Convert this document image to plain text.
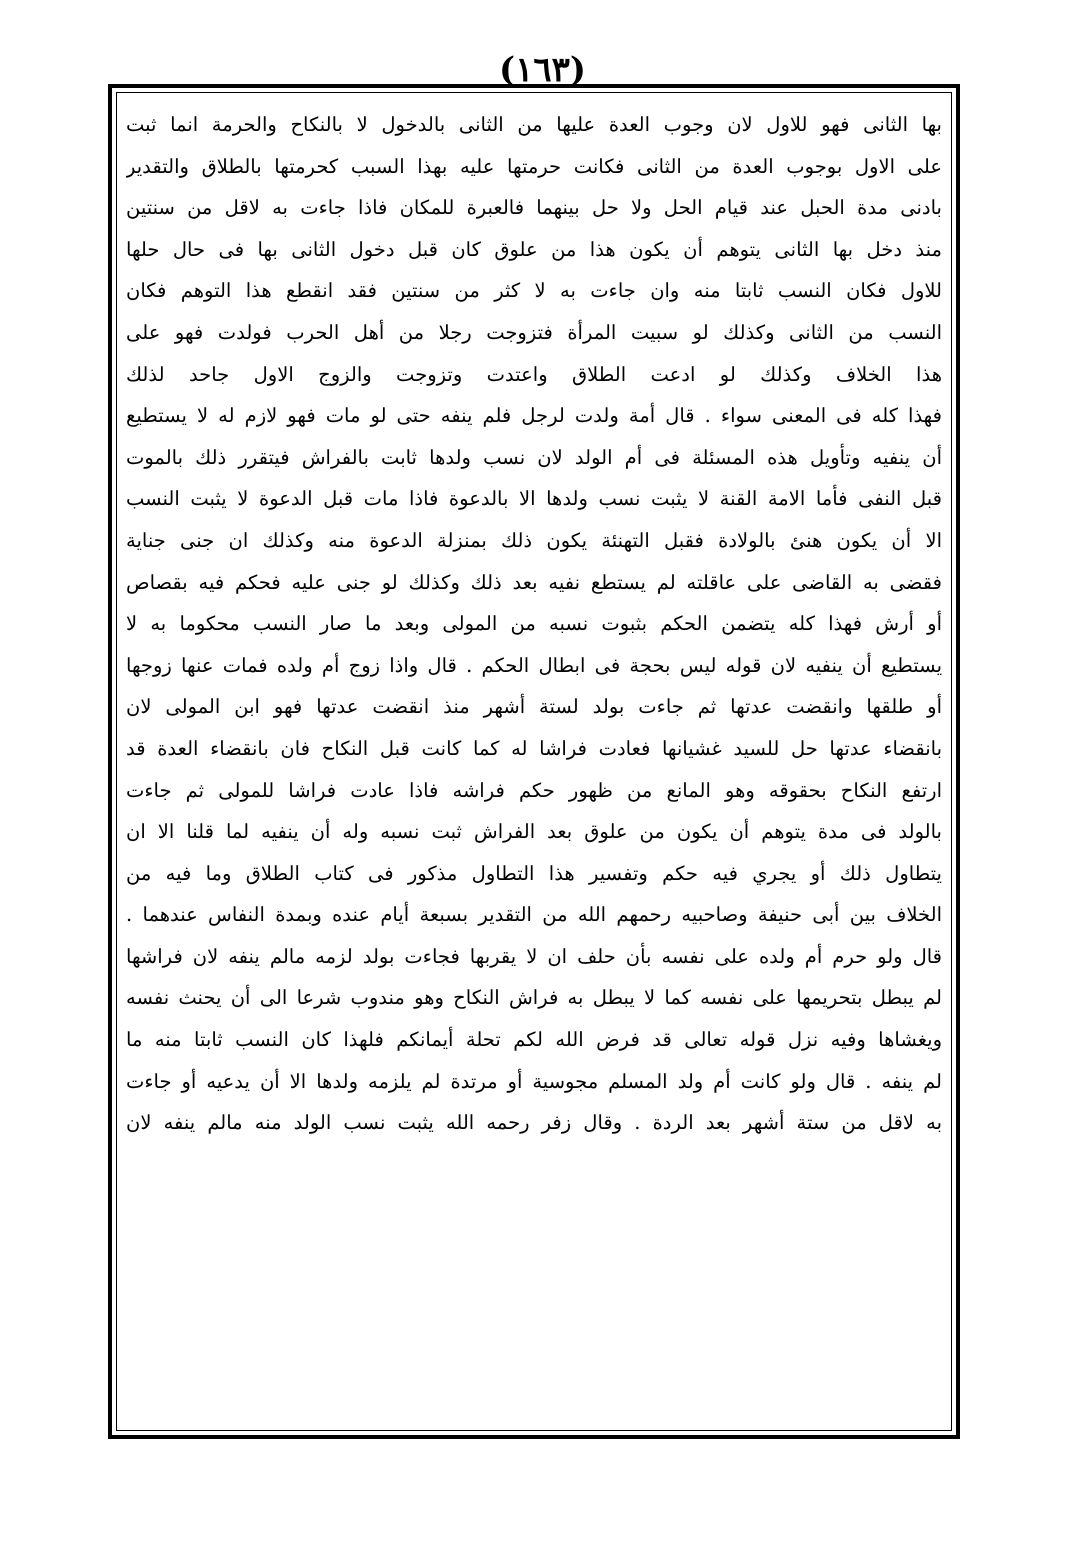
(١٦٣)
بها الثانى فهو للاول لان وجوب العدة عليها من الثانى بالدخول لا بالنكاح والحرمة انما ثبت
على الاول بوجوب العدة من الثانى فكانت حرمتها عليه بهذا السبب كحرمتها بالطلاق والتقدير
بادنى مدة الحبل عند قيام الحل ولا حل بينهما فالعبرة للمكان فاذا جاءت به لاقل من سنتين
منذ دخل بها الثانى يتوهم أن يكون هذا من علوق كان قبل دخول الثانى بها فى حال حلها
للاول فكان النسب ثابتا منه وان جاءت به لا كثر من سنتين فقد انقطع هذا التوهم فكان
النسب من الثانى وكذلك لو سبيت المرأة فتزوجت رجلا من أهل الحرب فولدت فهو على
هذا الخلاف وكذلك لو ادعت الطلاق واعتدت وتزوجت والزوج الاول جاحد لذلك
فهذا كله فى المعنى سواء . قال أمة ولدت لرجل فلم ينفه حتى لو مات فهو لازم له لا يستطيع
أن ينفيه وتأويل هذه المسئلة فى أم الولد لان نسب ولدها ثابت بالفراش فيتقرر ذلك بالموت
قبل النفى فأما الامة القنة لا يثبت نسب ولدها الا بالدعوة فاذا مات قبل الدعوة لا يثبت النسب
الا أن يكون هنئ بالولادة فقبل التهنئة يكون ذلك بمنزلة الدعوة منه وكذلك ان جنى جناية
فقضى به القاضى على عاقلته لم يستطع نفيه بعد ذلك وكذلك لو جنى عليه فحكم فيه بقصاص
أو أرش فهذا كله يتضمن الحكم بثبوت نسبه من المولى وبعد ما صار النسب محكوما به لا
يستطيع أن ينفيه لان قوله ليس بحجة فى ابطال الحكم . قال واذا زوج أم ولده فمات عنها زوجها
أو طلقها وانقضت عدتها ثم جاءت بولد لستة أشهر منذ انقضت عدتها فهو ابن المولى لان
بانقضاء عدتها حل للسيد غشيانها فعادت فراشا له كما كانت قبل النكاح فان بانقضاء العدة قد
ارتفع النكاح بحقوقه وهو المانع من ظهور حكم فراشه فاذا عادت فراشا للمولى ثم جاءت
بالولد فى مدة يتوهم أن يكون من علوق بعد الفراش ثبت نسبه وله أن ينفيه لما قلنا الا ان
يتطاول ذلك أو يجري فيه حكم وتفسير هذا التطاول مذكور فى كتاب الطلاق وما فيه من
الخلاف بين أبى حنيفة وصاحبيه رحمهم الله من التقدير بسبعة أيام عنده وبمدة النفاس عندهما .
قال ولو حرم أم ولده على نفسه بأن حلف ان لا يقربها فجاءت بولد لزمه مالم ينفه لان فراشها
لم يبطل بتحريمها على نفسه كما لا يبطل به فراش النكاح وهو مندوب شرعا الى أن يحنث نفسه
ويغشاها وفيه نزل قوله تعالى قد فرض الله لكم تحلة أيمانكم فلهذا كان النسب ثابتا منه ما
لم ينفه . قال ولو كانت أم ولد المسلم مجوسية أو مرتدة لم يلزمه ولدها الا أن يدعيه أو جاءت
به لاقل من ستة أشهر بعد الردة . وقال زفر رحمه الله يثبت نسب الولد منه مالم ينفه لان
